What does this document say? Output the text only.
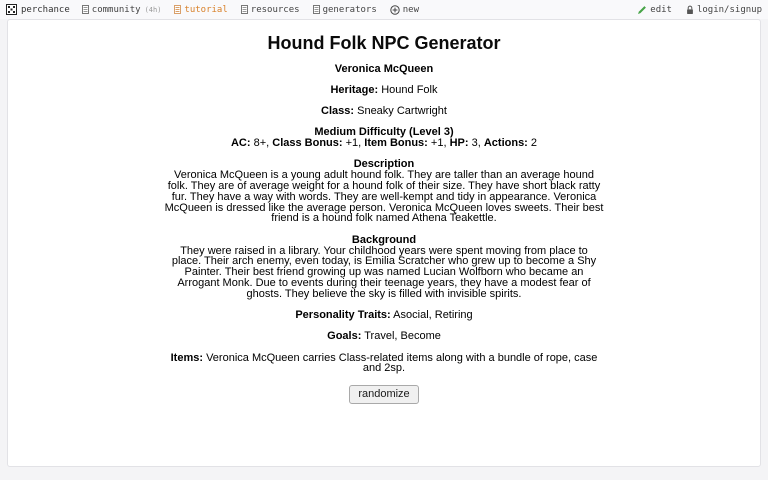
perchance community (4h)	tutorial	resources	generators	new	edit	login/signup
Hound Folk NPC Generator

Veronica McQueen

Heritage: Hound Folk

Class: Sneaky Cartwright

Medium Difficulty (Level 3)
AC: 8+, Class Bonus: +1, Item Bonus: +1, HP: 3, Actions: 2

Description
Veronica McQueen is a young adult hound folk. They are taller than an average hound folk. They are of average weight for a hound folk of their size. They have short black ratty fur. They have a way with words. They are well-kempt and tidy in appearance. Veronica McQueen is dressed like the average person. Veronica McQueen loves sweets. Their best friend is a hound folk named Athena Teakettle.

Background
They were raised in a library. Your childhood years were spent moving from place to place. Their arch enemy, even today, is Emilia Scratcher who grew up to become a Shy Painter. Their best friend growing up was named Lucian Wolfborn who became an Arrogant Monk. Due to events during their teenage years, they have a modest fear of ghosts. They believe the sky is filled with invisible spirits.

Personality Traits: Asocial, Retiring

Goals: Travel, Become

Items: Veronica McQueen carries Class-related items along with a bundle of rope, case and 2sp.

randomize
